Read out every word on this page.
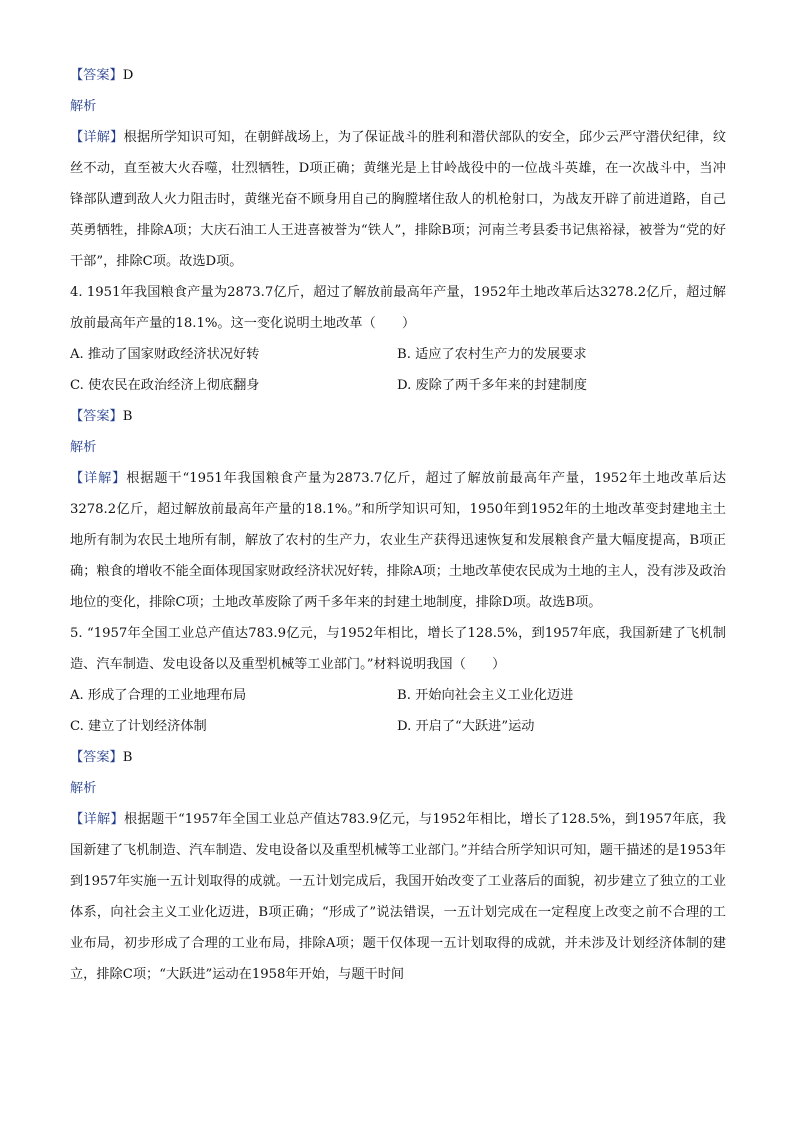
【答案】D
解析
【详解】根据所学知识可知，在朝鲜战场上，为了保证战斗的胜利和潜伏部队的安全，邱少云严守潜伏纪律，纹丝不动，直至被大火吞噬，壮烈牺牲，D项正确；黄继光是上甘岭战役中的一位战斗英雄，在一次战斗中，当冲锋部队遭到敌人火力阻击时，黄继光奋不顾身用自己的胸膛堵住敌人的机枪射口，为战友开辟了前进道路，自己英勇牺牲，排除A项；大庆石油工人王进喜被誉为“铁人”，排除B项；河南兰考县委书记焦裕禄，被誉为“党的好干部”，排除C项。故选D项。
4. 1951年我国粮食产量为2873.7亿斤，超过了解放前最高年产量，1952年土地改革后达3278.2亿斤，超过解放前最高年产量的18.1%。这一变化说明土地改革（　　）
A. 推动了国家财政经济状况好转	B. 适应了农村生产力的发展要求
C. 使农民在政治经济上彻底翻身	D. 废除了两千多年来的封建制度
【答案】B
解析
【详解】根据题干“1951年我国粮食产量为2873.7亿斤，超过了解放前最高年产量，1952年土地改革后达3278.2亿斤，超过解放前最高年产量的18.1%。”和所学知识可知，1950年到1952年的土地改革变封建地主土地所有制为农民土地所有制，解放了农村的生产力，农业生产获得迅速恢复和发展粮食产量大幅度提高，B项正确；粮食的增收不能全面体现国家财政经济状况好转，排除A项；土地改革使农民成为土地的主人，没有涉及政治地位的变化，排除C项；土地改革废除了两千多年来的封建土地制度，排除D项。故选B项。
5. “1957年全国工业总产值达783.9亿元，与1952年相比，增长了128.5%，到1957年底，我国新建了飞机制造、汽车制造、发电设备以及重型机械等工业部门。”材料说明我国（　　）
A. 形成了合理的工业地理布局	B. 开始向社会主义工业化迈进
C. 建立了计划经济体制	D. 开启了“大跃进”运动
【答案】B
解析
【详解】根据题干“1957年全国工业总产值达783.9亿元，与1952年相比，增长了128.5%，到1957年底，我国新建了飞机制造、汽车制造、发电设备以及重型机械等工业部门。”并结合所学知识可知，题干描述的是1953年到1957年实施一五计划取得的成就。一五计划完成后，我国开始改变了工业落后的面貌，初步建立了独立的工业体系，向社会主义工业化迈进，B项正确；“形成了”说法错误，一五计划完成在一定程度上改变之前不合理的工业布局，初步形成了合理的工业布局，排除A项；题干仅体现一五计划取得的成就，并未涉及计划经济体制的建立，排除C项；“大跃进”运动在1958年开始，与题干时间
